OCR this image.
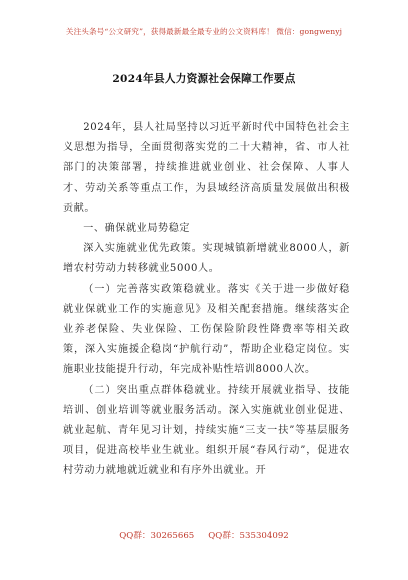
关注头条号“公文研究”，获得最新最全最专业的公文资料库！ 微信：gongwenyj
2024年县人力资源社会保障工作要点

2024年，县人社局坚持以习近平新时代中国特色社会主义思想为指导，全面贯彻落实党的二十大精神，省、市人社部门的决策部署，持续推进就业创业、社会保障、人事人才、劳动关系等重点工作，为县域经济高质量发展做出积极贡献。

一、确保就业局势稳定

深入实施就业优先政策。实现城镇新增就业8000人，新增农村劳动力转移就业5000人。

（一）完善落实政策稳就业。落实《关于进一步做好稳就业保就业工作的实施意见》及相关配套措施。继续落实企业养老保险、失业保险、工伤保险阶段性降费率等相关政策，深入实施援企稳岗“护航行动”，帮助企业稳定岗位。实施职业技能提升行动，年完成补贴性培训8000人次。

（二）突出重点群体稳就业。持续开展就业指导、技能培训、创业培训等就业服务活动。深入实施就业创业促进、就业起航、青年见习计划，持续实施“三支一扶”等基层服务项目，促进高校毕业生就业。组织开展“春风行动”，促进农村劳动力就地就近就业和有序外出就业。开

QQ群：30265665 QQ群：535304092
